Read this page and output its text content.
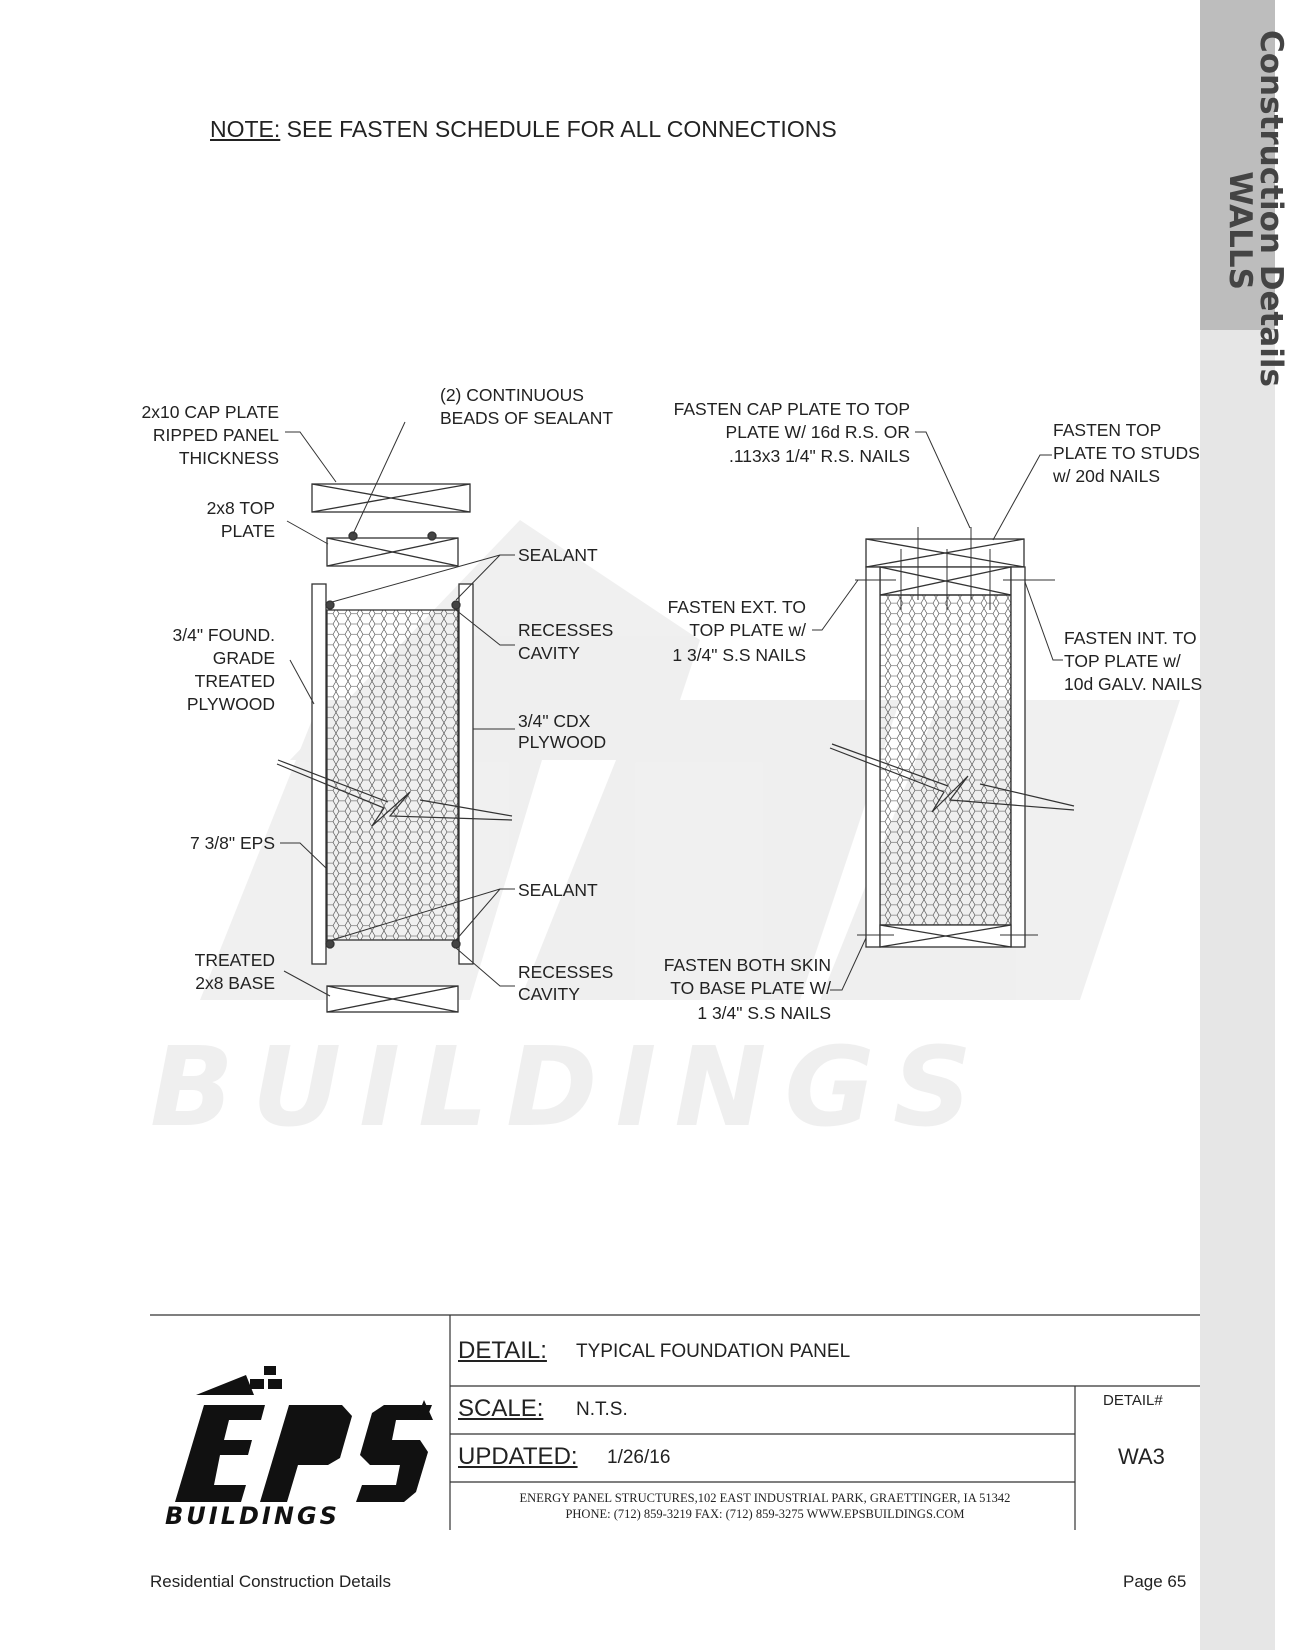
Construction Details
WALLS
NOTE: SEE FASTEN SCHEDULE FOR ALL CONNECTIONS
BUILDINGS
2x10 CAP PLATE
RIPPED PANEL
THICKNESS
(2) CONTINUOUS
BEADS OF SEALANT
2x8 TOP
PLATE
SEALANT
3/4" FOUND.
GRADE
TREATED
PLYWOOD
RECESSES
CAVITY
3/4" CDX
PLYWOOD
7 3/8" EPS
SEALANT
TREATED
2x8 BASE
RECESSES
CAVITY
FASTEN CAP PLATE TO TOP
PLATE W/ 16d R.S. OR
.113x3 1/4" R.S. NAILS
FASTEN TOP
PLATE TO STUDS
w/ 20d NAILS
FASTEN EXT. TO
TOP PLATE w/
1 3/4" S.S NAILS
FASTEN INT. TO
TOP PLATE w/
10d GALV. NAILS
FASTEN BOTH SKIN
TO BASE PLATE W/
1 3/4" S.S NAILS
BUILDINGS
DETAIL: TYPICAL FOUNDATION PANEL
SCALE: N.T.S.
UPDATED: 1/26/16
DETAIL#
WA3
ENERGY PANEL STRUCTURES,102 EAST INDUSTRIAL PARK, GRAETTINGER, IA 51342
PHONE: (712) 859-3219 FAX: (712) 859-3275 WWW.EPSBUILDINGS.COM
Residential Construction Details	Page 65
